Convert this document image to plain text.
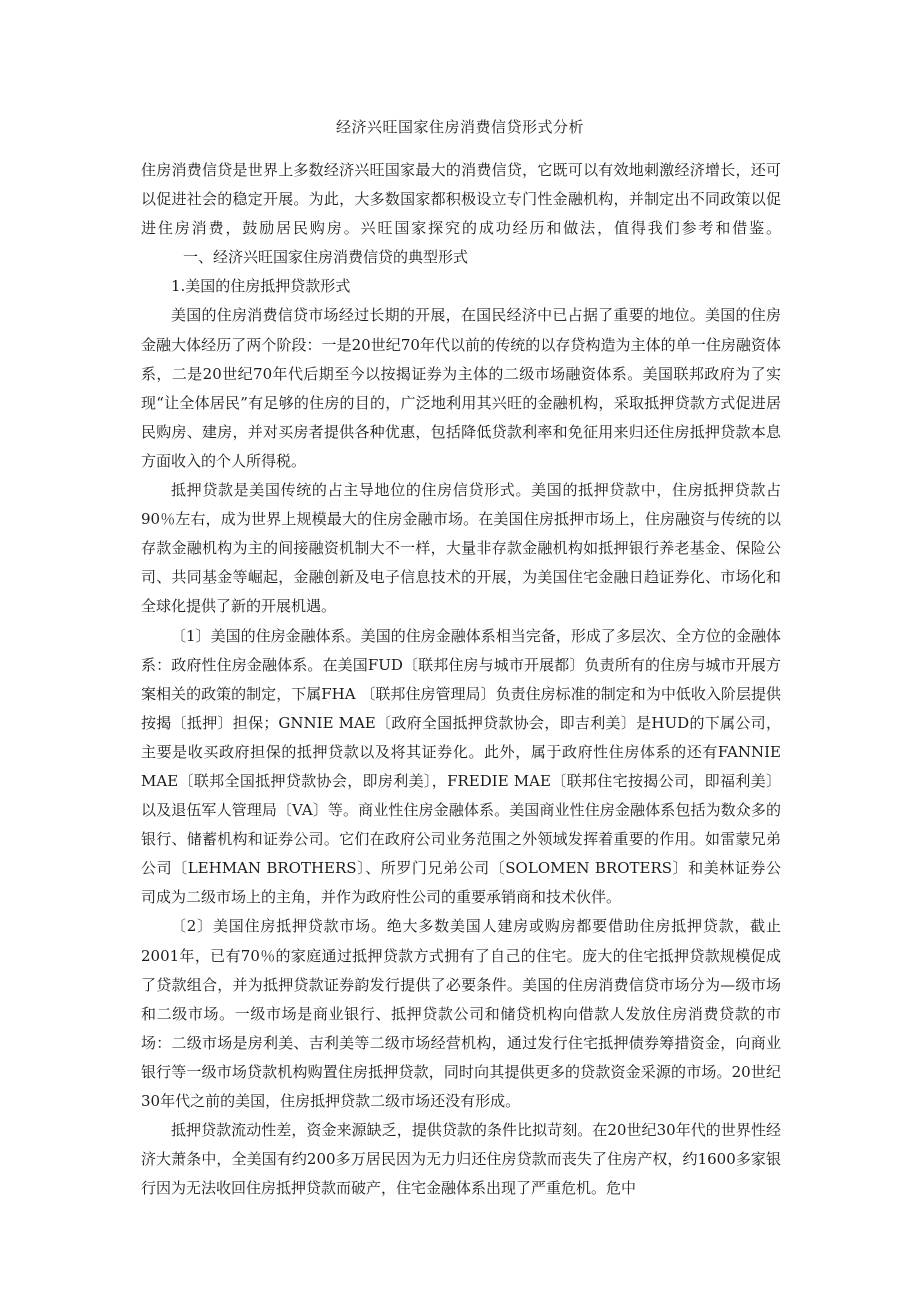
经济兴旺国家住房消费信贷形式分析

住房消费信贷是世界上多数经济兴旺国家最大的消费信贷，它既可以有效地刺激经济增长，还可以促进社会的稳定开展。为此，大多数国家都积极设立专门性金融机构，并制定出不同政策以促进住房消费，鼓励居民购房。兴旺国家探究的成功经历和做法，值得我们参考和借鉴。一、经济兴旺国家住房消费信贷的典型形式

1.美国的住房抵押贷款形式

美国的住房消费信贷市场经过长期的开展，在国民经济中已占据了重要的地位。美国的住房金融大体经历了两个阶段：一是20世纪70年代以前的传统的以存贷构造为主体的单一住房融资体系，二是20世纪70年代后期至今以按揭证券为主体的二级市场融资体系。美国联邦政府为了实现“让全体居民”有足够的住房的目的，广泛地利用其兴旺的金融机构，采取抵押贷款方式促进居民购房、建房，并对买房者提供各种优惠，包括降低贷款利率和免征用来归还住房抵押贷款本息方面收入的个人所得税。

抵押贷款是美国传统的占主导地位的住房信贷形式。美国的抵押贷款中，住房抵押贷款占90％左右，成为世界上规模最大的住房金融市场。在美国住房抵押市场上，住房融资与传统的以存款金融机构为主的间接融资机制大不一样，大量非存款金融机构如抵押银行养老基金、保险公司、共同基金等崛起，金融创新及电子信息技术的开展，为美国住宅金融日趋证券化、市场化和全球化提供了新的开展机遇。

〔1〕美国的住房金融体系。美国的住房金融体系相当完备，形成了多层次、全方位的金融体系：政府性住房金融体系。在美国FUD〔联邦住房与城市开展都〕负责所有的住房与城市开展方案相关的政策的制定，下属FHA 〔联邦住房管理局〕负责住房标准的制定和为中低收入阶层提供按揭〔抵押〕担保；GNNIE MAE〔政府全国抵押贷款协会，即吉利美〕是HUD的下属公司，主要是收买政府担保的抵押贷款以及将其证券化。此外，属于政府性住房体系的还有FANNIE MAE〔联邦全国抵押贷款协会，即房利美〕，FREDIE MAE〔联邦住宅按揭公司，即福利美〕以及退伍军人管理局〔VA〕等。商业性住房金融体系。美国商业性住房金融体系包括为数众多的银行、储蓄机构和证券公司。它们在政府公司业务范围之外领域发挥着重要的作用。如雷蒙兄弟公司〔LEHMAN BROTHERS〕、所罗门兄弟公司〔SOLOMEN BROTERS〕和美林证券公司成为二级市场上的主角，并作为政府性公司的重要承销商和技术伙伴。

〔2〕美国住房抵押贷款市场。绝大多数美国人建房或购房都要借助住房抵押贷款，截止2001年，已有70％的家庭通过抵押贷款方式拥有了自己的住宅。庞大的住宅抵押贷款规模促成了贷款组合，并为抵押贷款证券韵发行提供了必要条件。美国的住房消费信贷市场分为—级市场和二级市场。一级市场是商业银行、抵押贷款公司和储贷机构向借款人发放住房消费贷款的市场：二级市场是房利美、吉利美等二级市场经营机构，通过发行住宅抵押债券筹措资金，向商业银行等一级市场贷款机构购置住房抵押贷款，同时向其提供更多的贷款资金采源的市场。20世纪 30年代之前的美国，住房抵押贷款二级市场还没有形成。

抵押贷款流动性差，资金来源缺乏，提供贷款的条件比拟苛刻。在20世纪30年代的世界性经济大萧条中，全美国有约200多万居民因为无力归还住房贷款而丧失了住房产权，约1600多家银行因为无法收回住房抵押贷款而破产，住宅金融体系出现了严重危机。危中
